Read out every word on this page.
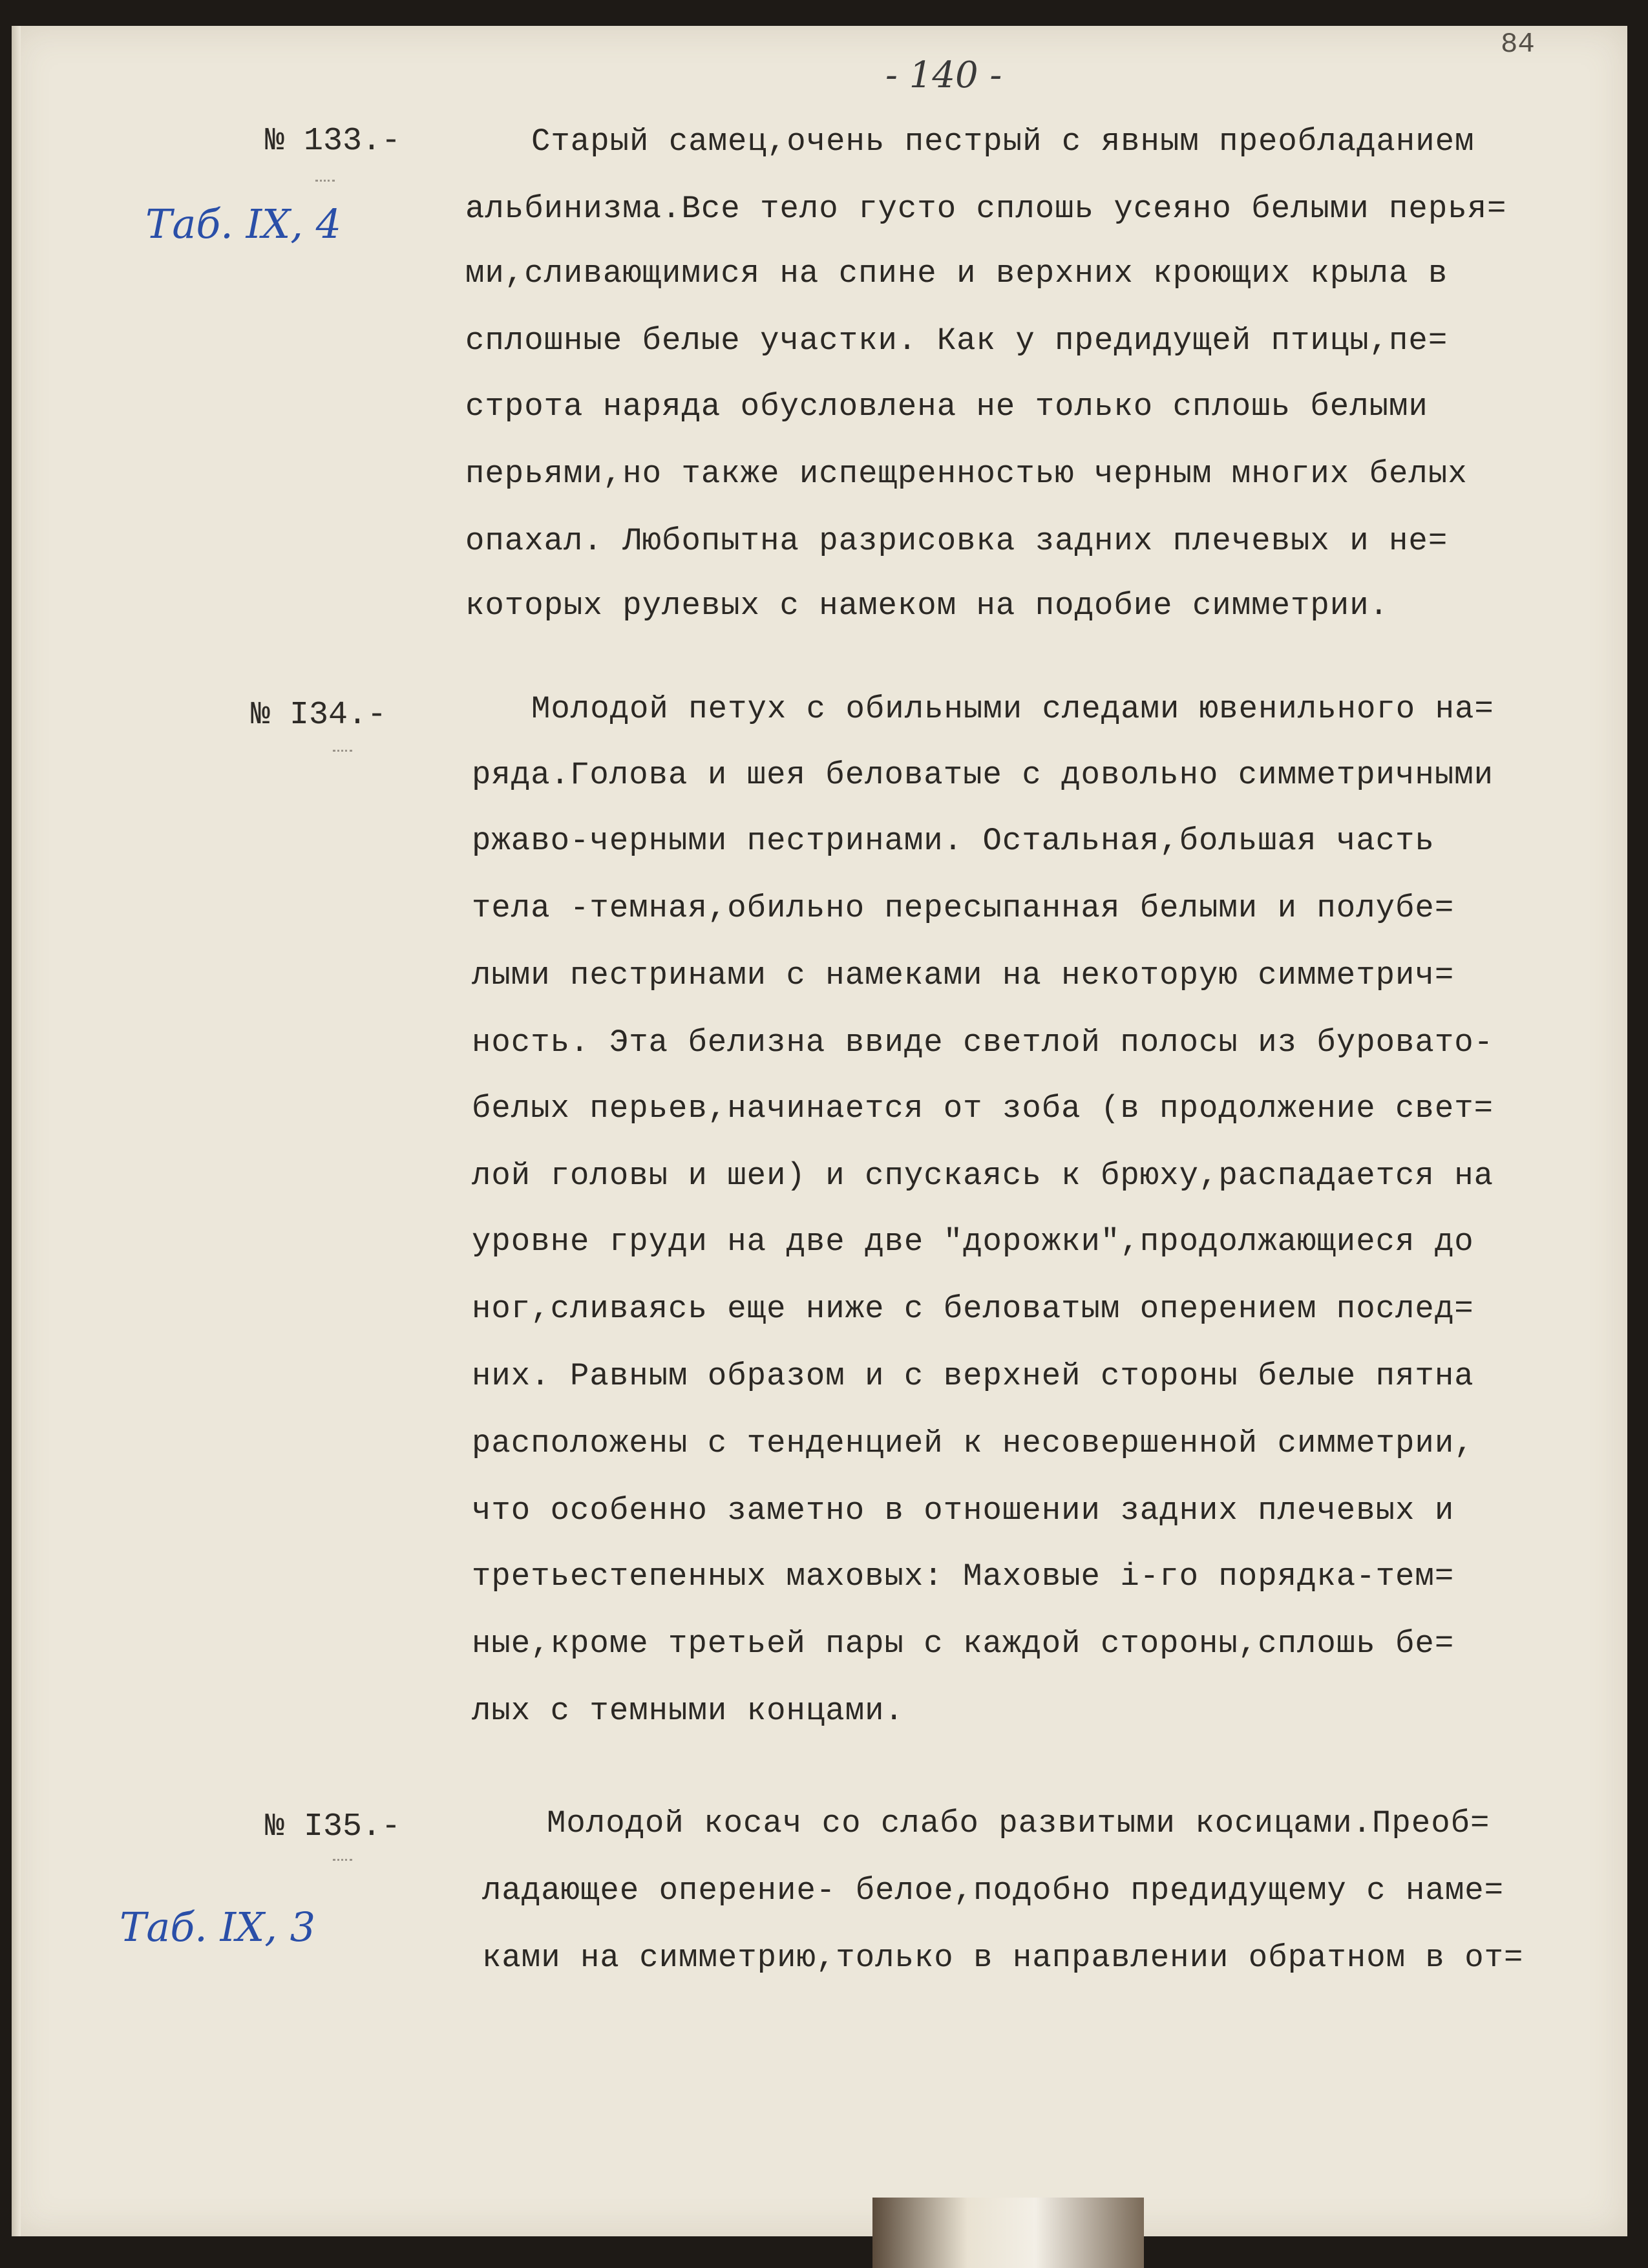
84
- 140 -
№ 133.-
Таб. IX, 4
Старый самец,очень пестрый с явным преобладанием
альбинизма.Все тело густо сплошь усеяно белыми перья=
ми,сливающимися на спине и верхних кроющих крыла в
сплошные белые участки. Как у предидущей птицы,пе=
строта наряда обусловлена не только сплошь белыми
перьями,но также испещренностью черным многих белых
опахал. Любопытна разрисовка задних плечевых и не=
которых рулевых с намеком на подобие симметрии.
№ I34.-	Молодой петух с обильными следами ювенильного на=
ряда.Голова и шея беловатые с довольно симметричными
ржаво-черными пестринами. Остальная,большая часть
тела -темная,обильно пересыпанная белыми и полубе=
лыми пестринами с намеками на некоторую симметрич=
ность. Эта белизна ввиде светлой полосы из буровато-
белых перьев,начинается от зоба (в продолжение свет=
лой головы и шеи) и спускаясь к брюху,распадается на
уровне груди на две две "дорожки",продолжающиеся до
ног,сливаясь еще ниже с беловатым оперением послед=
них. Равным образом и с верхней стороны белые пятна
расположены с тенденцией к несовершенной симметрии,
что особенно заметно в отношении задних плечевых и
третьестепенных маховых: Маховые i-го порядка-тем=
ные,кроме третьей пары с каждой стороны,сплошь бе=
лых с темными концами.
№ I35.-
Таб. IX, 3
Молодой косач со слабо развитыми косицами.Преоб=
ладающее оперение- белое,подобно предидущему с наме=
ками на симметрию,только в направлении обратном в от=
